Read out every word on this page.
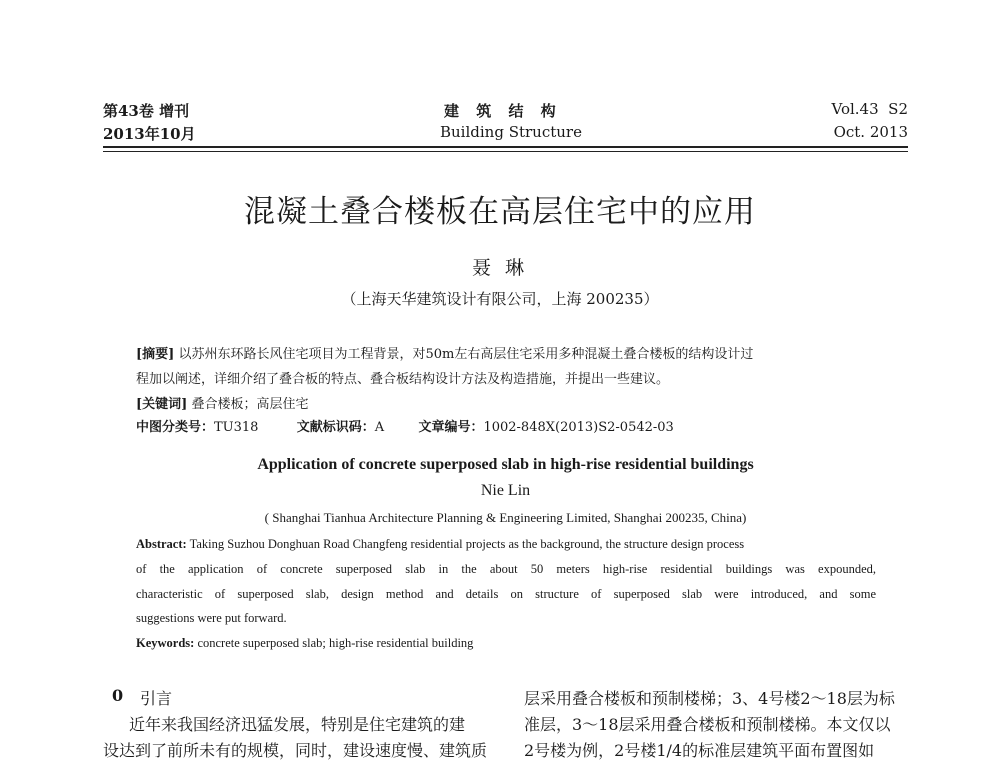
第43卷 增刊
2013年10月
建 筑 结 构
Building Structure
Vol.43  S2
Oct. 2013
混凝土叠合楼板在高层住宅中的应用
聂 琳
（上海天华建筑设计有限公司，上海 200235）
[摘要] 以苏州东环路长风住宅项目为工程背景，对50m左右高层住宅采用多种混凝土叠合楼板的结构设计过
程加以阐述，详细介绍了叠合板的特点、叠合板结构设计方法及构造措施，并提出一些建议。
[关键词] 叠合楼板；高层住宅
中图分类号：TU318	文献标识码：A	文章编号：1002-848X(2013)S2-0542-03
Application of concrete superposed slab in high-rise residential buildings
Nie Lin
( Shanghai Tianhua Architecture Planning & Engineering Limited, Shanghai 200235, China)
Abstract: Taking Suzhou Donghuan Road Changfeng residential projects as the background, the structure design process
of the application of concrete superposed slab in the about 50 meters high-rise residential buildings was expounded,
characteristic of superposed slab, design method and details on structure of superposed slab were introduced, and some
suggestions were put forward.
Keywords: concrete superposed slab; high-rise residential building
0 引言
近年来我国经济迅猛发展，特别是住宅建筑的建
设达到了前所未有的规模，同时，建设速度慢、建筑质
层采用叠合楼板和预制楼梯；3、4号楼2～18层为标
准层，3～18层采用叠合楼板和预制楼梯。本文仅以
2号楼为例，2号楼1/4的标准层建筑平面布置图如
